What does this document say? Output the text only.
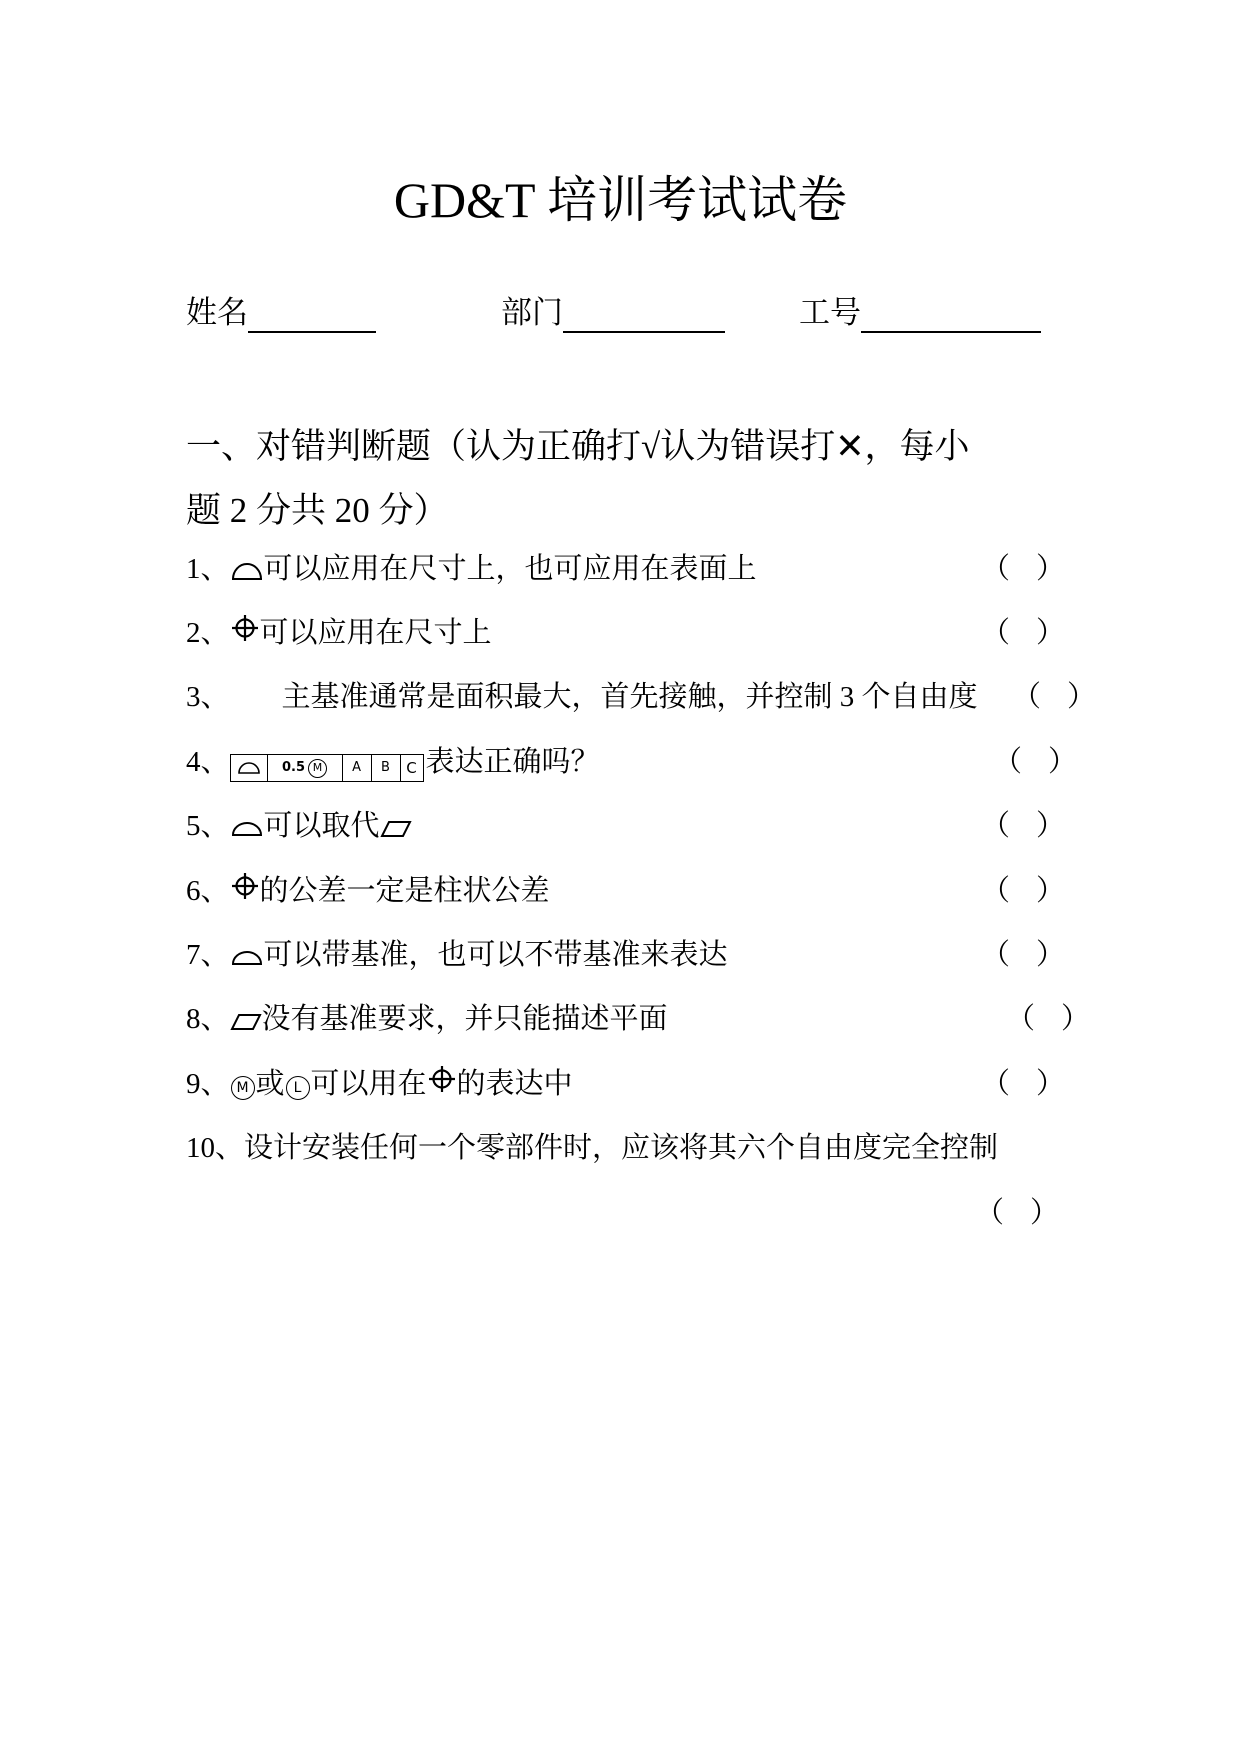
GD&T 培训考试试卷
姓名	部门	工号
一、对错判断题（认为正确打√认为错误打✕，每小
题 2 分共 20 分）
1、 可以应用在尺寸上，也可应用在表面上	（ ）
2、 可以应用在尺寸上	（ ）
3、 主基准通常是面积最大，首先接触，并控制 3 个自由度 （ ）
4、	0.5 M	A	B	C 表达正确吗？	（ ）
5、 可以取代	（ ）
6、 的公差一定是柱状公差	（ ）
7、 可以带基准，也可以不带基准来表达	（ ）
8、 没有基准要求，并只能描述平面	（ ）
9、 M 或 L 可以用在 的表达中	（ ）
10、设计安装任何一个零部件时，应该将其六个自由度完全控制
（ ）
